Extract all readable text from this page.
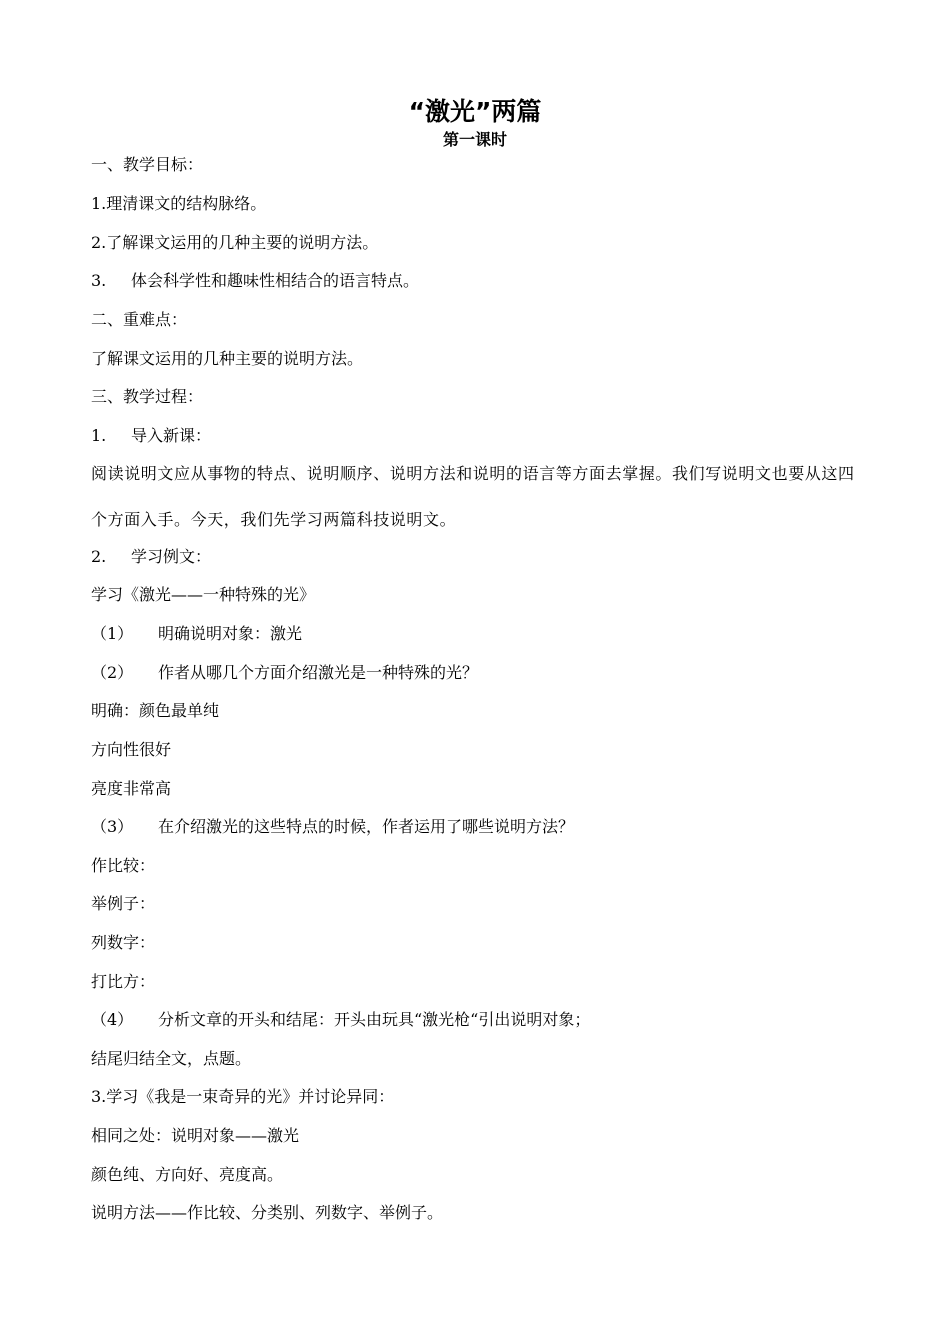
“激光”两篇
第一课时
一、教学目标：
1.理清课文的结构脉络。
2.了解课文运用的几种主要的说明方法。
3. 体会科学性和趣味性相结合的语言特点。
二、重难点：
了解课文运用的几种主要的说明方法。
三、教学过程：
1. 导入新课：
阅读说明文应从事物的特点、说明顺序、说明方法和说明的语言等方面去掌握。我们写说明文也要从这四个方面入手。今天，我们先学习两篇科技说明文。
2. 学习例文：
学习《激光——一种特殊的光》
（1） 明确说明对象：激光
（2） 作者从哪几个方面介绍激光是一种特殊的光？
明确：颜色最单纯
方向性很好
亮度非常高
（3） 在介绍激光的这些特点的时候，作者运用了哪些说明方法？
作比较：
举例子：
列数字：
打比方：
（4） 分析文章的开头和结尾：开头由玩具“激光枪“引出说明对象；
结尾归结全文，点题。
3.学习《我是一束奇异的光》并讨论异同：
相同之处：说明对象——激光
颜色纯、方向好、亮度高。
说明方法——作比较、分类别、列数字、举例子。
